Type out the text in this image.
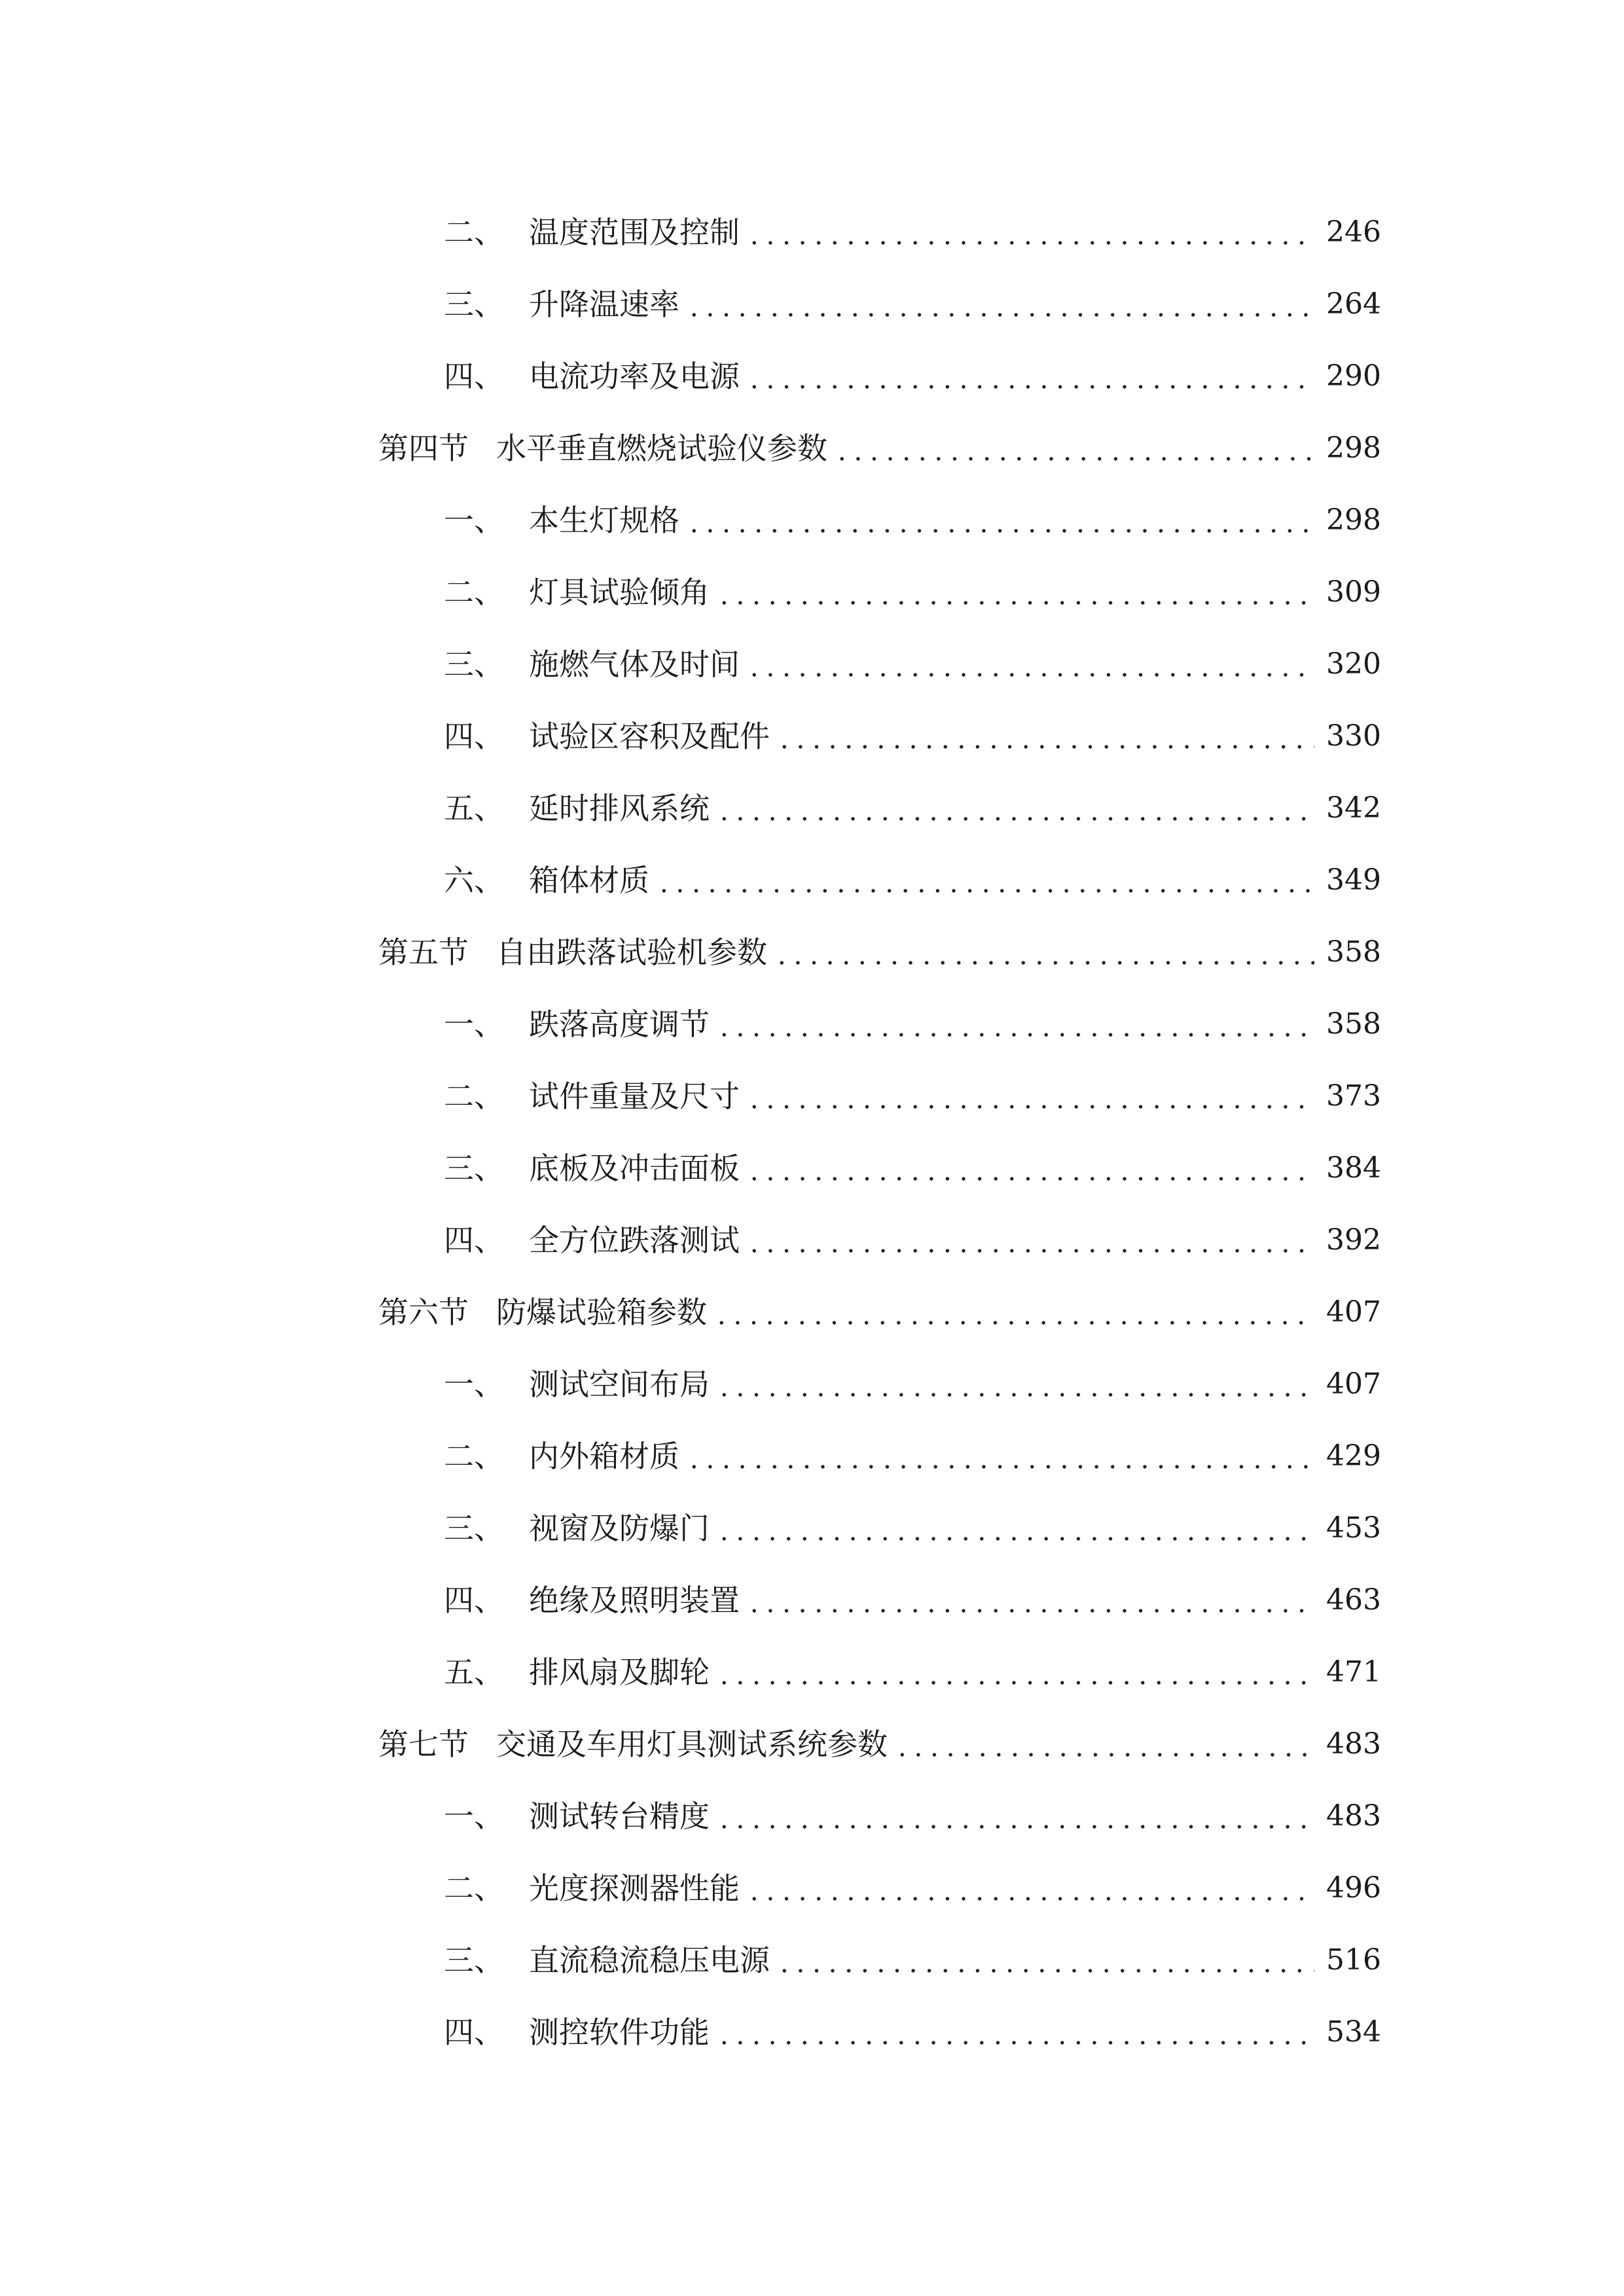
二、 温度范围及控制	246
三、 升降温速率	264
四、 电流功率及电源	290
第四节 水平垂直燃烧试验仪参数	298
一、 本生灯规格	298
二、 灯具试验倾角	309
三、 施燃气体及时间	320
四、 试验区容积及配件	330
五、 延时排风系统	342
六、 箱体材质	349
第五节 自由跌落试验机参数	358
一、 跌落高度调节	358
二、 试件重量及尺寸	373
三、 底板及冲击面板	384
四、 全方位跌落测试	392
第六节 防爆试验箱参数	407
一、 测试空间布局	407
二、 内外箱材质	429
三、 视窗及防爆门	453
四、 绝缘及照明装置	463
五、 排风扇及脚轮	471
第七节 交通及车用灯具测试系统参数	483
一、 测试转台精度	483
二、 光度探测器性能	496
三、 直流稳流稳压电源	516
四、 测控软件功能	534
